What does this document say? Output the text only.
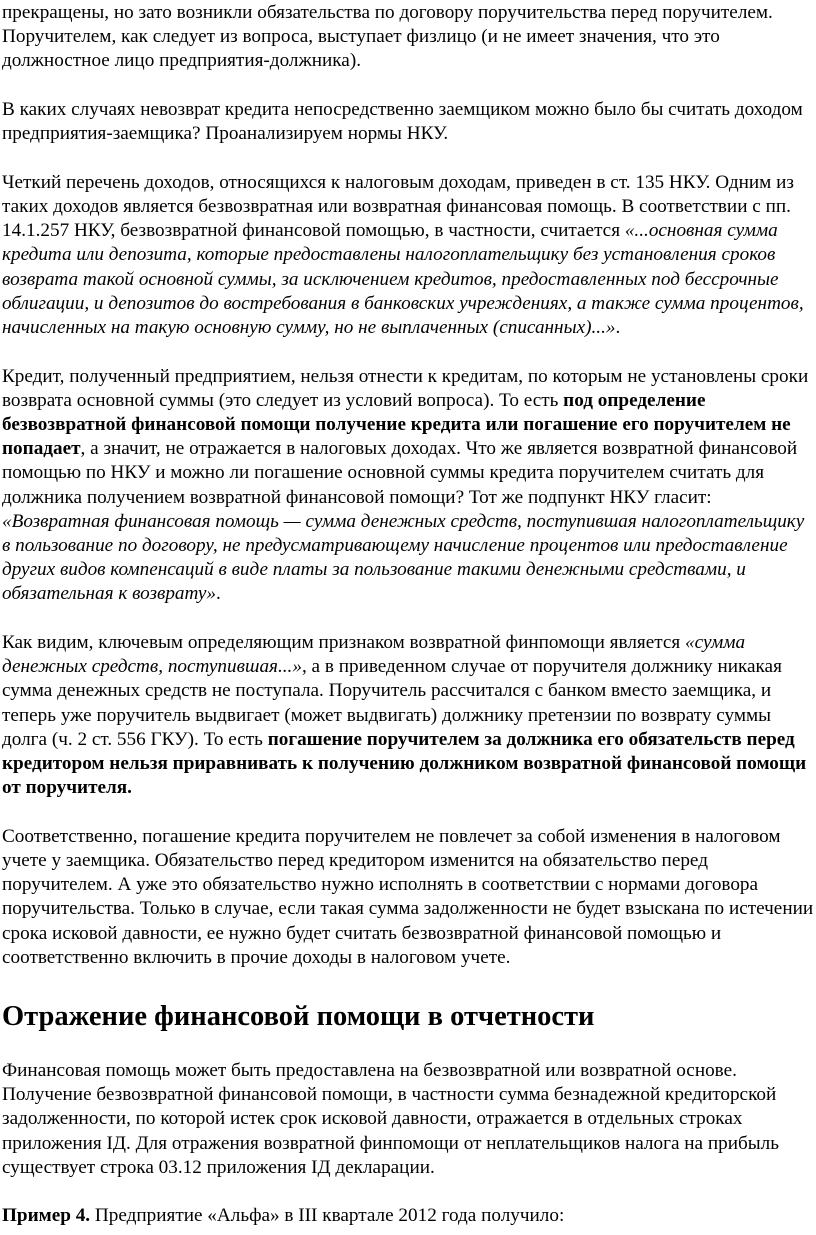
прекращены, но зато возникли обязательства по договору поручительства перед поручителем. Поручителем, как следует из вопроса, выступает физлицо (и не имеет значения, что это должностное лицо предприятия-должника).

В каких случаях невозврат кредита непосредственно заемщиком можно было бы считать доходом предприятия-заемщика? Проанализируем нормы НКУ.

Четкий перечень доходов, относящихся к налоговым доходам, приведен в ст. 135 НКУ. Одним из таких доходов является безвозвратная или возвратная финансовая помощь. В соответствии с пп. 14.1.257 НКУ, безвозвратной финансовой помощью, в частности, считается «...основная сумма кредита или депозита, которые предоставлены налогоплательщику без установления сроков возврата такой основной суммы, за исключением кредитов, предоставленных под бессрочные облигации, и депозитов до востребования в банковских учреждениях, а также сумма процентов, начисленных на такую основную сумму, но не выплаченных (списанных)...».

Кредит, полученный предприятием, нельзя отнести к кредитам, по которым не установлены сроки возврата основной суммы (это следует из условий вопроса). То есть под определение безвозвратной финансовой помощи получение кредита или погашение его поручителем не попадает, а значит, не отражается в налоговых доходах. Что же является возвратной финансовой помощью по НКУ и можно ли погашение основной суммы кредита поручителем считать для должника получением возвратной финансовой помощи? Тот же подпункт НКУ гласит: «Возвратная финансовая помощь — сумма денежных средств, поступившая налогоплательщику в пользование по договору, не предусматривающему начисление процентов или предоставление других видов компенсаций в виде платы за пользование такими денежными средствами, и обязательная к возврату».

Как видим, ключевым определяющим признаком возвратной финпомощи является «сумма денежных средств, поступившая...», а в приведенном случае от поручителя должнику никакая сумма денежных средств не поступала. Поручитель рассчитался с банком вместо заемщика, и теперь уже поручитель выдвигает (может выдвигать) должнику претензии по возврату суммы долга (ч. 2 ст. 556 ГКУ). То есть погашение поручителем за должника его обязательств перед кредитором нельзя приравнивать к получению должником возвратной финансовой помощи от поручителя.

Соответственно, погашение кредита поручителем не повлечет за собой изменения в налоговом учете у заемщика. Обязательство перед кредитором изменится на обязательство перед поручителем. А уже это обязательство нужно исполнять в соответствии с нормами договора поручительства. Только в случае, если такая сумма задолженности не будет взыскана по истечении срока исковой давности, ее нужно будет считать безвозвратной финансовой помощью и соответственно включить в прочие доходы в налоговом учете.

Отражение финансовой помощи в отчетности

Финансовая помощь может быть предоставлена на безвозвратной или возвратной основе. Получение безвозвратной финансовой помощи, в частности сумма безнадежной кредиторской задолженности, по которой истек срок исковой давности, отражается в отдельных строках приложения ІД. Для отражения возвратной финпомощи от неплательщиков налога на прибыль существует строка 03.12 приложения ІД декларации.

Пример 4. Предприятие «Альфа» в III квартале 2012 года получило:
